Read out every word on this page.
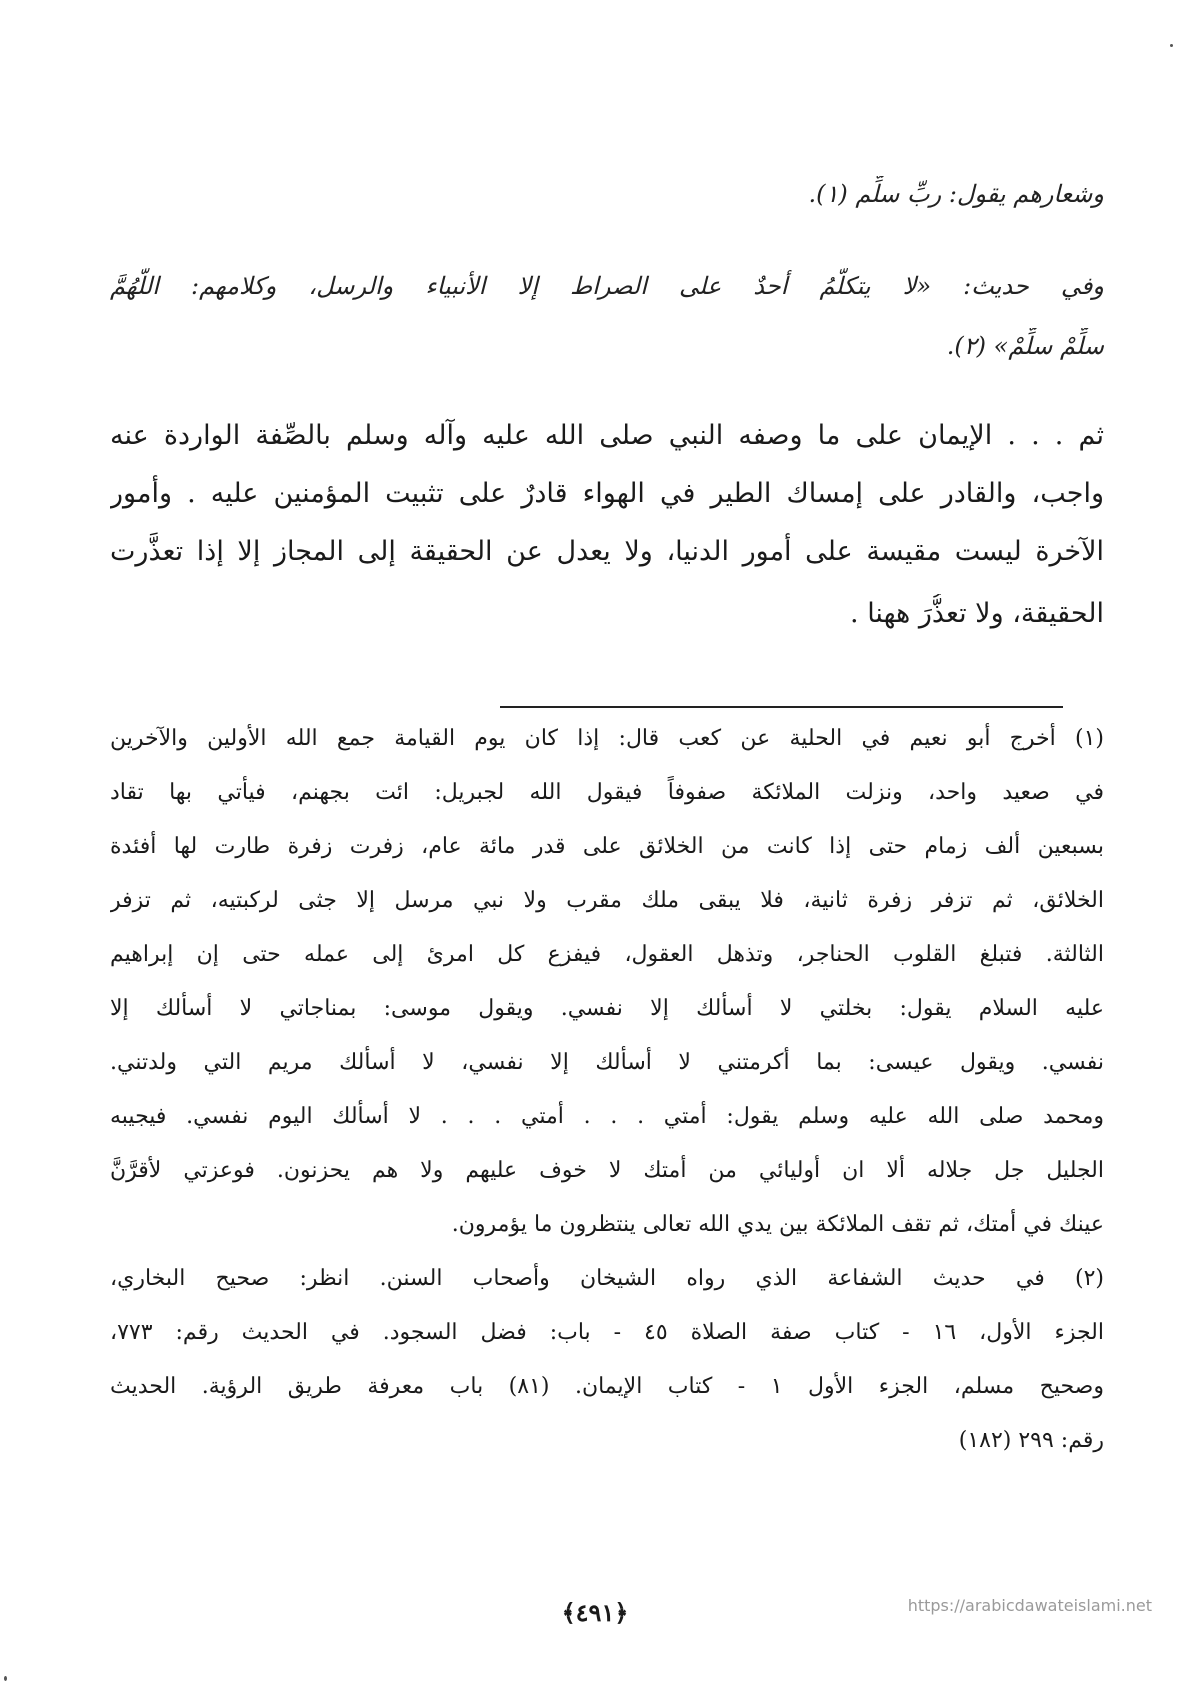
وشعارهم يقول: ربِّ سلِّم (١).
وفي حديث: «لا يتكلَّمُ أحدٌ على الصراط إلا الأنبياء والرسل، وكلامهم: اللَّهُمَّ
سلِّمْ سلِّمْ» (٢).
ثم . . . الإيمان على ما وصفه النبي صلى الله عليه وآله وسلم بالصِّفة الواردة عنه
واجب، والقادر على إمساك الطير في الهواء قادرٌ على تثبيت المؤمنين عليه . وأمور
الآخرة ليست مقيسة على أمور الدنيا، ولا يعدل عن الحقيقة إلى المجاز إلا إذا تعذَّرت
الحقيقة، ولا تعذُّرَ ههنا .
(١) أخرج أبو نعيم في الحلية عن كعب قال: إذا كان يوم القيامة جمع الله الأولين والآخرين
في صعيد واحد، ونزلت الملائكة صفوفاً فيقول الله لجبريل: ائت بجهنم، فيأتي بها تقاد
بسبعين ألف زمام حتى إذا كانت من الخلائق على قدر مائة عام، زفرت زفرة طارت لها أفئدة
الخلائق، ثم تزفر زفرة ثانية، فلا يبقى ملك مقرب ولا نبي مرسل إلا جثى لركبتيه، ثم تزفر
الثالثة. فتبلغ القلوب الحناجر، وتذهل العقول، فيفزع كل امرئ إلى عمله حتى إن إبراهيم
عليه السلام يقول: بخلتي لا أسألك إلا نفسي. ويقول موسى: بمناجاتي لا أسألك إلا
نفسي. ويقول عيسى: بما أكرمتني لا أسألك إلا نفسي، لا أسألك مريم التي ولدتني.
ومحمد صلى الله عليه وسلم يقول: أمتي . . . أمتي . . . لا أسألك اليوم نفسي. فيجيبه
الجليل جل جلاله ألا ان أوليائي من أمتك لا خوف عليهم ولا هم يحزنون. فوعزتي لأقرَّنَّ
عينك في أمتك، ثم تقف الملائكة بين يدي الله تعالى ينتظرون ما يؤمرون.
(٢) في حديث الشفاعة الذي رواه الشيخان وأصحاب السنن. انظر: صحيح البخاري،
الجزء الأول، ١٦ - كتاب صفة الصلاة ٤٥ - باب: فضل السجود. في الحديث رقم: ٧٧٣،
وصحيح مسلم، الجزء الأول ١ - كتاب الإيمان. (٨١) باب معرفة طريق الرؤية. الحديث
رقم: ٢٩٩ (١٨٢)
﴿٤٩١﴾	https://arabicdawateislami.net
